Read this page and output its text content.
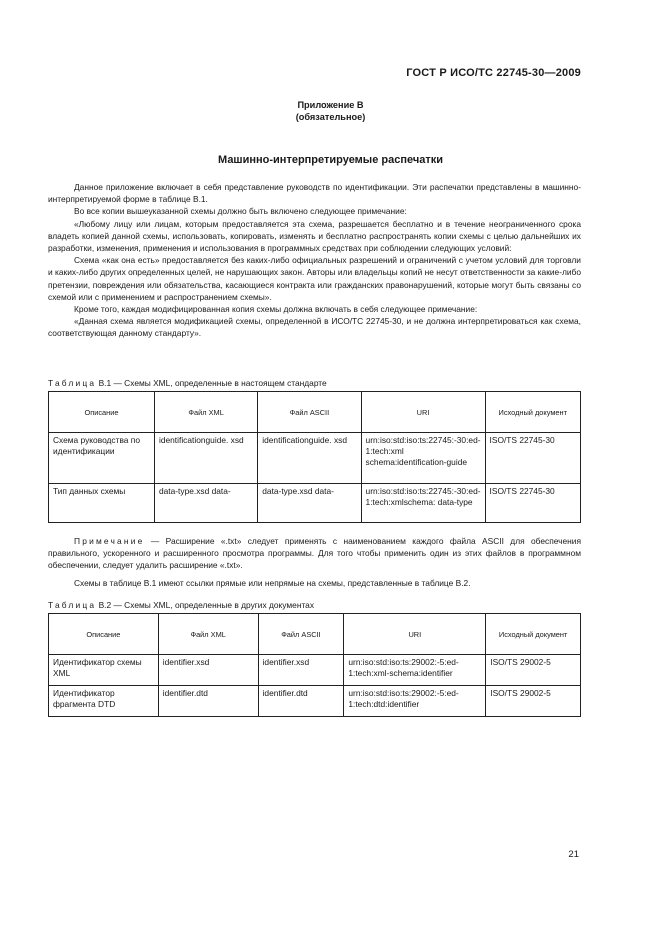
ГОСТ Р ИСО/ТС 22745-30—2009
Приложение В
(обязательное)
Машинно-интерпретируемые распечатки

Данное приложение включает в себя представление руководств по идентификации. Эти распечатки представлены в машинно-интерпретируемой форме в таблице В.1.

Во все копии вышеуказанной схемы должно быть включено следующее примечание:

«Любому лицу или лицам, которым предоставляется эта схема, разрешается бесплатно и в течение неограниченного срока владеть копией данной схемы, использовать, копировать, изменять и бесплатно распространять копии схемы с целью дальнейших их разработки, изменения, применения и использования в программных средствах при соблюдении следующих условий:

Схема «как она есть» предоставляется без каких-либо официальных разрешений и ограничений с учетом условий для торговли и каких-либо других определенных целей, не нарушающих закон. Авторы или владельцы копий не несут ответственности за какие-либо претензии, повреждения или обязательства, касающиеся контракта или гражданских правонарушений, которые могут быть связаны со схемой или с применением и распространением схемы».

Кроме того, каждая модифицированная копия схемы должна включать в себя следующее примечание:

«Данная схема является модификацией схемы, определенной в ИСО/ТС 22745-30, и не должна интерпретироваться как схема, соответствующая данному стандарту».

Таблица В.1 — Схемы XML, определенные в настоящем стандарте
Описание	Файл XML	Файл ASCII	URI	Исходный документ
Схема руководства по идентификации	identificationguide. xsd	identificationguide. xsd	urn:iso:std:iso:ts:22745:-30:ed-1:tech:xml schema:identification-guide	ISO/TS 22745-30
Тип данных схемы	data-type.xsd data-	data-type.xsd data-	urn:iso:std:iso:ts:22745:-30:ed-1:tech:xmlschema: data-type	ISO/TS 22745-30

Примечание — Расширение «.txt» следует применять с наименованием каждого файла ASCII для обеспечения правильного, ускоренного и расширенного просмотра программы. Для того чтобы применить один из этих файлов в программном обеспечении, следует удалить расширение «.txt».

Схемы в таблице В.1 имеют ссылки прямые или непрямые на схемы, представленные в таблице В.2.
Таблица В.2 — Схемы XML, определенные в других документах
Описание	Файл XML	Файл ASCII	URI	Исходный документ
Идентификатор схемы XML	identifier.xsd	identifier.xsd	urn:iso:std:iso:ts:29002:-5:ed-1:tech:xml-schema:identifier	ISO/TS 29002-5
Идентификатор фрагмента DTD	identifier.dtd	identifier.dtd	urn:iso:std:iso:ts:29002:-5:ed-1:tech:dtd:identifier	ISO/TS 29002-5
21
